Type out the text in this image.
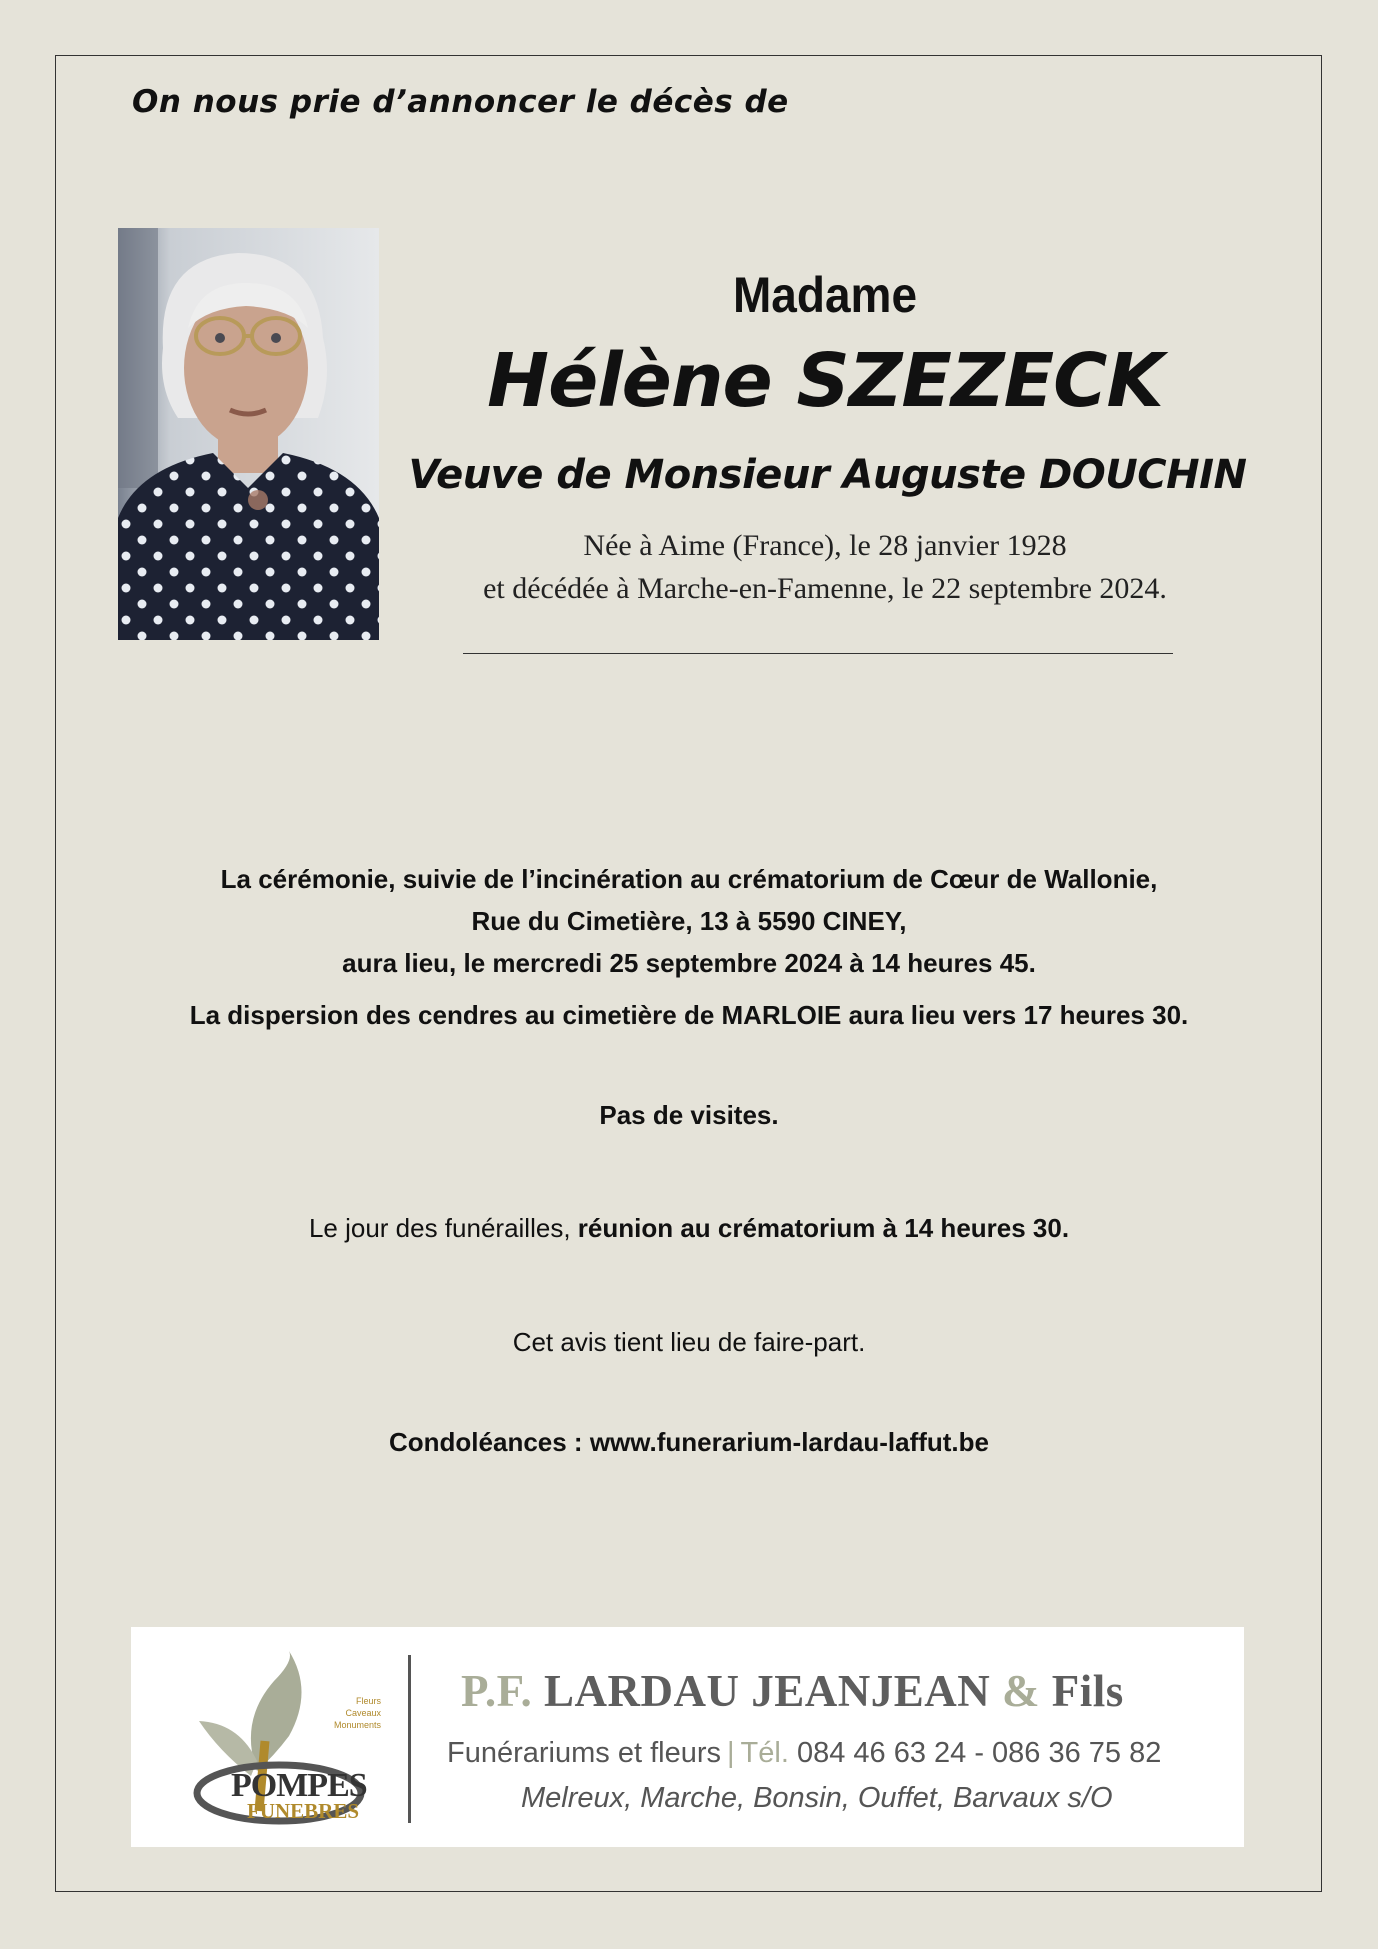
On nous prie d’annoncer le décès de
Madame
Hélène SZEZECK
Veuve de Monsieur Auguste DOUCHIN
Née à Aime (France), le 28 janvier 1928
et décédée à Marche-en-Famenne, le 22 septembre 2024.
La cérémonie, suivie de l’incinération au crématorium de Cœur de Wallonie,
Rue du Cimetière, 13 à 5590 CINEY,
aura lieu, le mercredi 25 septembre 2024 à 14 heures 45.
La dispersion des cendres au cimetière de MARLOIE aura lieu vers 17 heures 30.
Pas de visites.
Le jour des funérailles, réunion au crématorium à 14 heures 30.
Cet avis tient lieu de faire-part.
Condoléances : www.funerarium-lardau-laffut.be
Fleurs
Caveaux
Monuments
POMPES
FUNEBRES
P.F. LARDAU JEANJEAN & Fils
Funérariums et fleurs | Tél. 084 46 63 24 - 086 36 75 82
Melreux, Marche, Bonsin, Ouffet, Barvaux s/O
